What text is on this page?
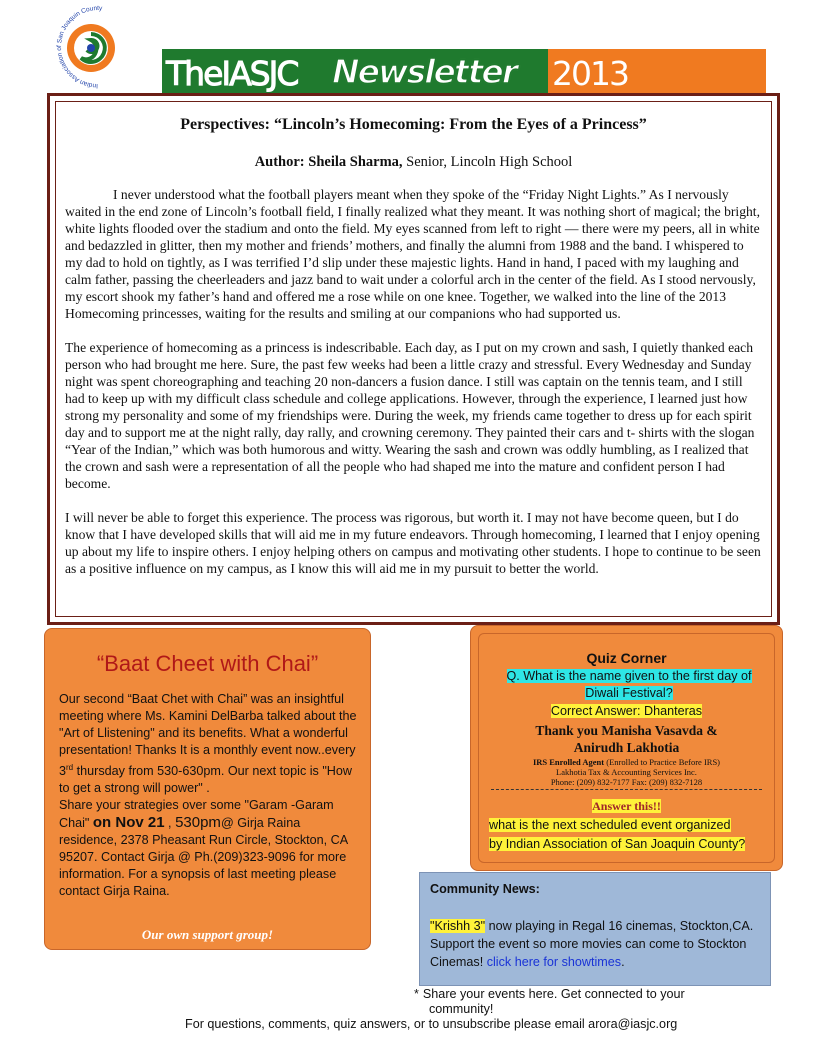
Indian Association of San Joaquin County
TheIASJC Newsletter 2013
Perspectives: “Lincoln’s Homecoming: From the Eyes of a Princess”
Author: Sheila Sharma, Senior, Lincoln High School

I never understood what the football players meant when they spoke of the “Friday Night Lights.” As I nervously waited in the end zone of Lincoln’s football field, I finally realized what they meant. It was nothing short of magical; the bright, white lights flooded over the stadium and onto the field. My eyes scanned from left to right — there were my peers, all in white and bedazzled in glitter, then my mother and friends’ mothers, and finally the alumni from 1988 and the band. I whispered to my dad to hold on tightly, as I was terrified I’d slip under these majestic lights. Hand in hand, I paced with my laughing and calm father, passing the cheerleaders and jazz band to wait under a colorful arch in the center of the field. As I stood nervously, my escort shook my father’s hand and offered me a rose while on one knee. Together, we walked into the line of the 2013 Homecoming princesses, waiting for the results and smiling at our companions who had supported us.

The experience of homecoming as a princess is indescribable. Each day, as I put on my crown and sash, I quietly thanked each person who had brought me here. Sure, the past few weeks had been a little crazy and stressful. Every Wednesday and Sunday night was spent choreographing and teaching 20 non-dancers a fusion dance. I still was captain on the tennis team, and I still had to keep up with my difficult class schedule and college applications. However, through the experience, I learned just how strong my personality and some of my friendships were. During the week, my friends came together to dress up for each spirit day and to support me at the night rally, day rally, and crowning ceremony. They painted their cars and t- shirts with the slogan “Year of the Indian,” which was both humorous and witty. Wearing the sash and crown was oddly humbling, as I realized that the crown and sash were a representation of all the people who had shaped me into the mature and confident person I had become.

I will never be able to forget this experience. The process was rigorous, but worth it. I may not have become queen, but I do know that I have developed skills that will aid me in my future endeavors. Through homecoming, I learned that I enjoy opening up about my life to inspire others. I enjoy helping others on campus and motivating other students. I hope to continue to be seen as a positive influence on my campus, as I know this will aid me in my pursuit to better the world.

“Baat Cheet with Chai”
Our second “Baat Chet with Chai” was an insightful meeting where Ms. Kamini DelBarba talked about the "Art of Llistening" and its benefits. What a wonderful presentation! Thanks It is a monthly event now..every 3rd thursday from 530-630pm. Our next topic is "How to get a strong will power" .
Share your strategies over some "Garam -Garam Chai" on Nov 21 , 530pm@ Girja Raina residence, 2378 Pheasant Run Circle, Stockton, CA 95207. Contact Girja @ Ph.(209)323-9096 for more information. For a synopsis of last meeting please contact Girja Raina.
Our own support group!
Quiz Corner
Q. What is the name given to the first day of Diwali Festival?
Correct Answer: Dhanteras
Thank you Manisha Vasavda &
Anirudh Lakhotia
IRS Enrolled Agent (Enrolled to Practice Before IRS)
Lakhotia Tax & Accounting Services Inc.
Phone: (209) 832-7177 Fax: (209) 832-7128
Answer this!!
what is the next scheduled event organized
by Indian Association of San Joaquin County?
Community News:
"Krishh 3" now playing in Regal 16 cinemas, Stockton,CA. Support the event so more movies can come to Stockton Cinemas! click here for showtimes.
* Share your events here. Get connected to your
community!
For questions, comments, quiz answers, or to unsubscribe please email arora@iasjc.org
